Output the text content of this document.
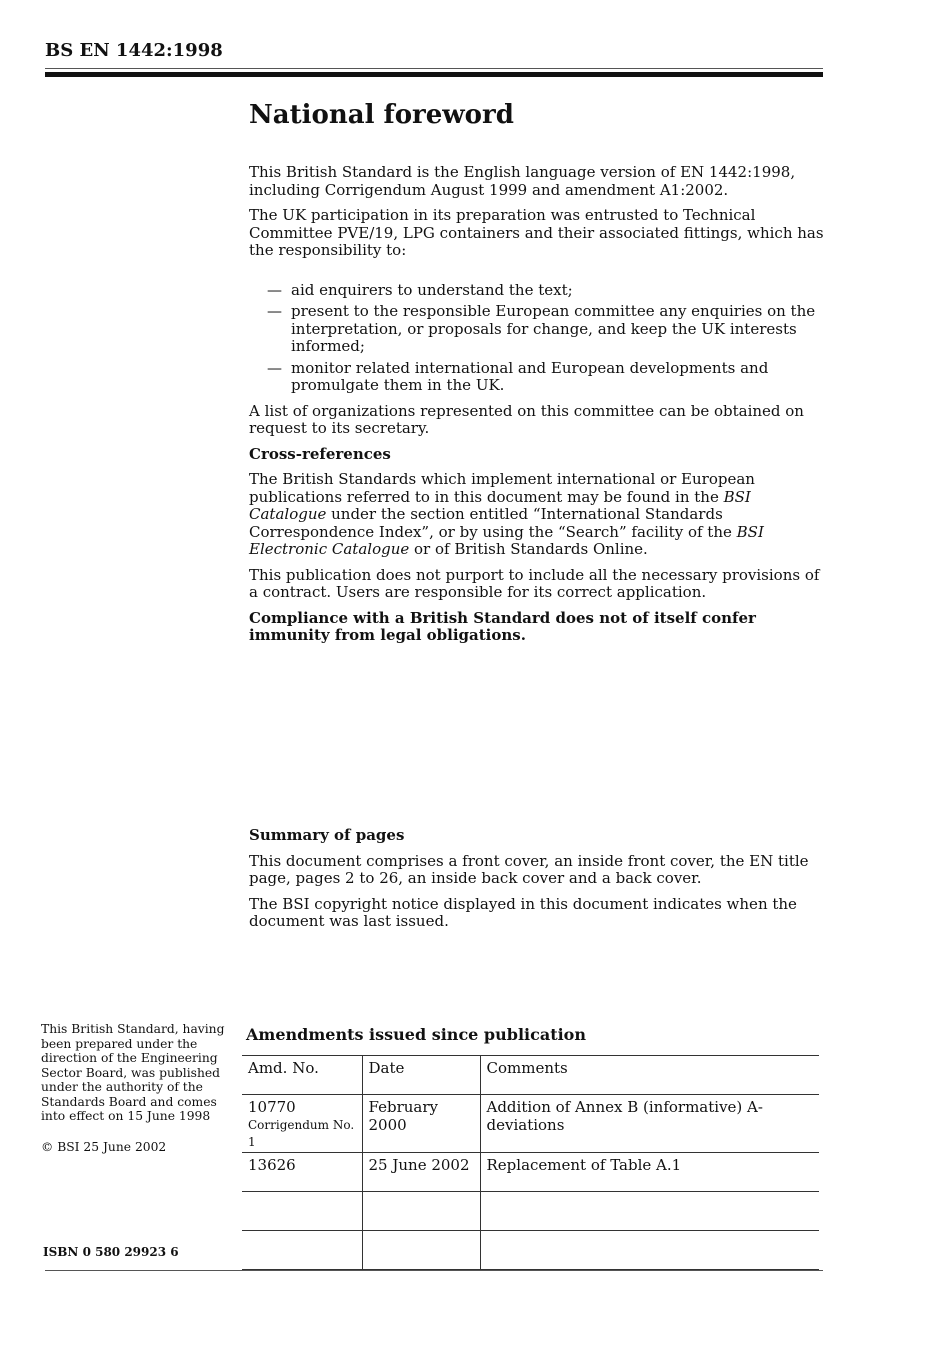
BS EN 1442:1998
National foreword

This British Standard is the English language version of EN 1442:1998, including Corrigendum August 1999 and amendment A1:2002.

The UK participation in its preparation was entrusted to Technical Committee PVE/19, LPG containers and their associated fittings, which has the responsibility to:

— aid enquirers to understand the text;
— present to the responsible European committee any enquiries on the interpretation, or proposals for change, and keep the UK interests informed;
— monitor related international and European developments and promulgate them in the UK.

A list of organizations represented on this committee can be obtained on request to its secretary.

Cross-references

The British Standards which implement international or European publications referred to in this document may be found in the BSI Catalogue under the section entitled “International Standards Correspondence Index”, or by using the “Search” facility of the BSI Electronic Catalogue or of British Standards Online.

This publication does not purport to include all the necessary provisions of a contract. Users are responsible for its correct application.

Compliance with a British Standard does not of itself confer immunity from legal obligations.

Summary of pages

This document comprises a front cover, an inside front cover, the EN title page, pages 2 to 26, an inside back cover and a back cover.

The BSI copyright notice displayed in this document indicates when the document was last issued.

This British Standard, having been prepared under the direction of the Engineering Sector Board, was published under the authority of the Standards Board and comes into effect on 15 June 1998
© BSI 25 June 2002
ISBN 0 580 29923 6
Amendments issued since publication
Amd. No.	Date	Comments

10770
Corrigendum No. 1	February 2000	Addition of Annex B (informative) A-deviations
13626	25 June 2002	Replacement of Table A.1
